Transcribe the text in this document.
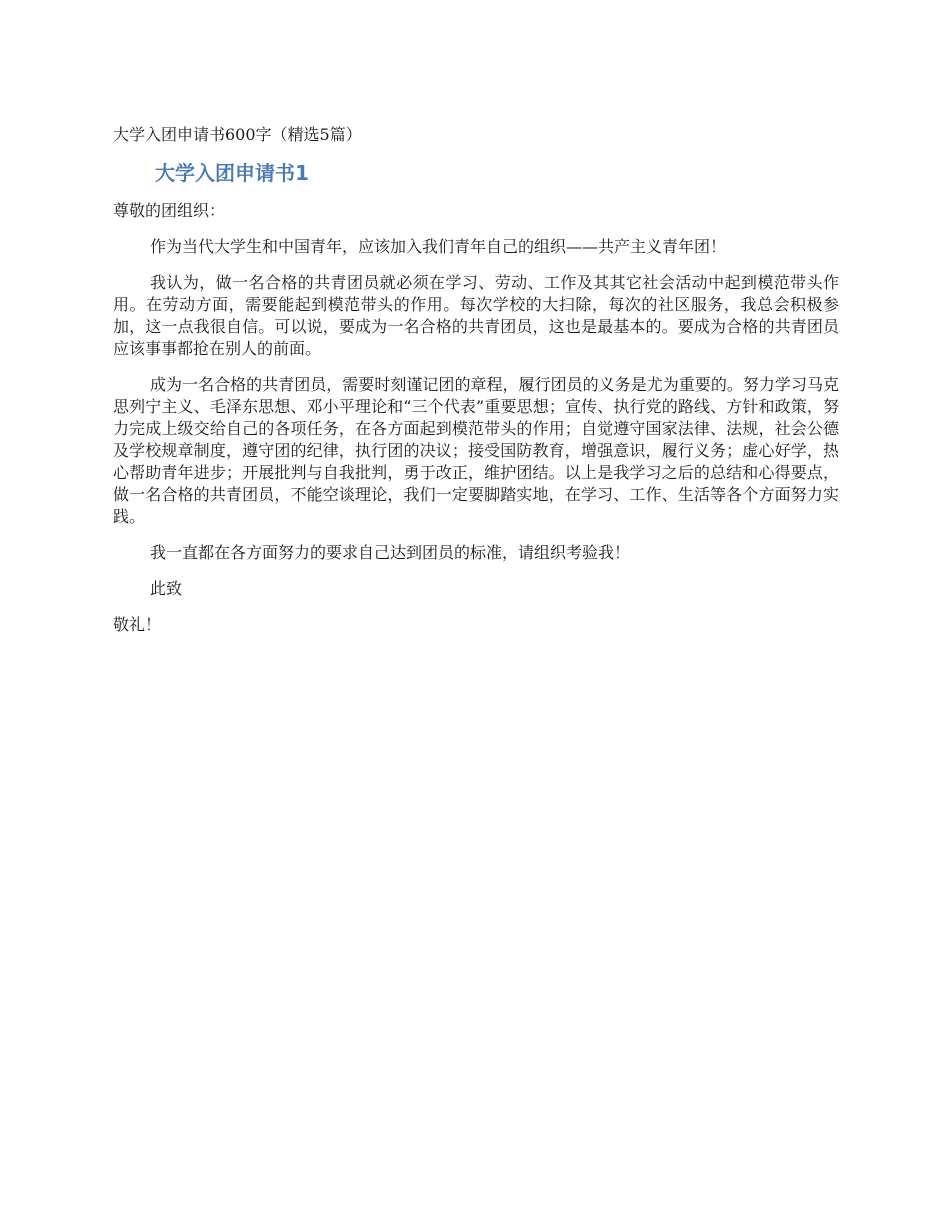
大学入团申请书600字（精选5篇）

大学入团申请书1

尊敬的团组织：

作为当代大学生和中国青年，应该加入我们青年自己的组织——共产主义青年团！

我认为，做一名合格的共青团员就必须在学习、劳动、工作及其其它社会活动中起到模范带头作用。在劳动方面，需要能起到模范带头的作用。每次学校的大扫除，每次的社区服务，我总会积极参加，这一点我很自信。可以说，要成为一名合格的共青团员，这也是最基本的。要成为合格的共青团员应该事事都抢在别人的前面。

成为一名合格的共青团员，需要时刻谨记团的章程，履行团员的义务是尤为重要的。努力学习马克思列宁主义、毛泽东思想、邓小平理论和“三个代表”重要思想；宣传、执行党的路线、方针和政策，努力完成上级交给自己的各项任务，在各方面起到模范带头的作用；自觉遵守国家法律、法规，社会公德及学校规章制度，遵守团的纪律，执行团的决议；接受国防教育，增强意识，履行义务；虚心好学，热心帮助青年进步；开展批判与自我批判，勇于改正，维护团结。以上是我学习之后的总结和心得要点，做一名合格的共青团员，不能空谈理论，我们一定要脚踏实地，在学习、工作、生活等各个方面努力实践。

我一直都在各方面努力的要求自己达到团员的标准，请组织考验我！

此致

敬礼！
